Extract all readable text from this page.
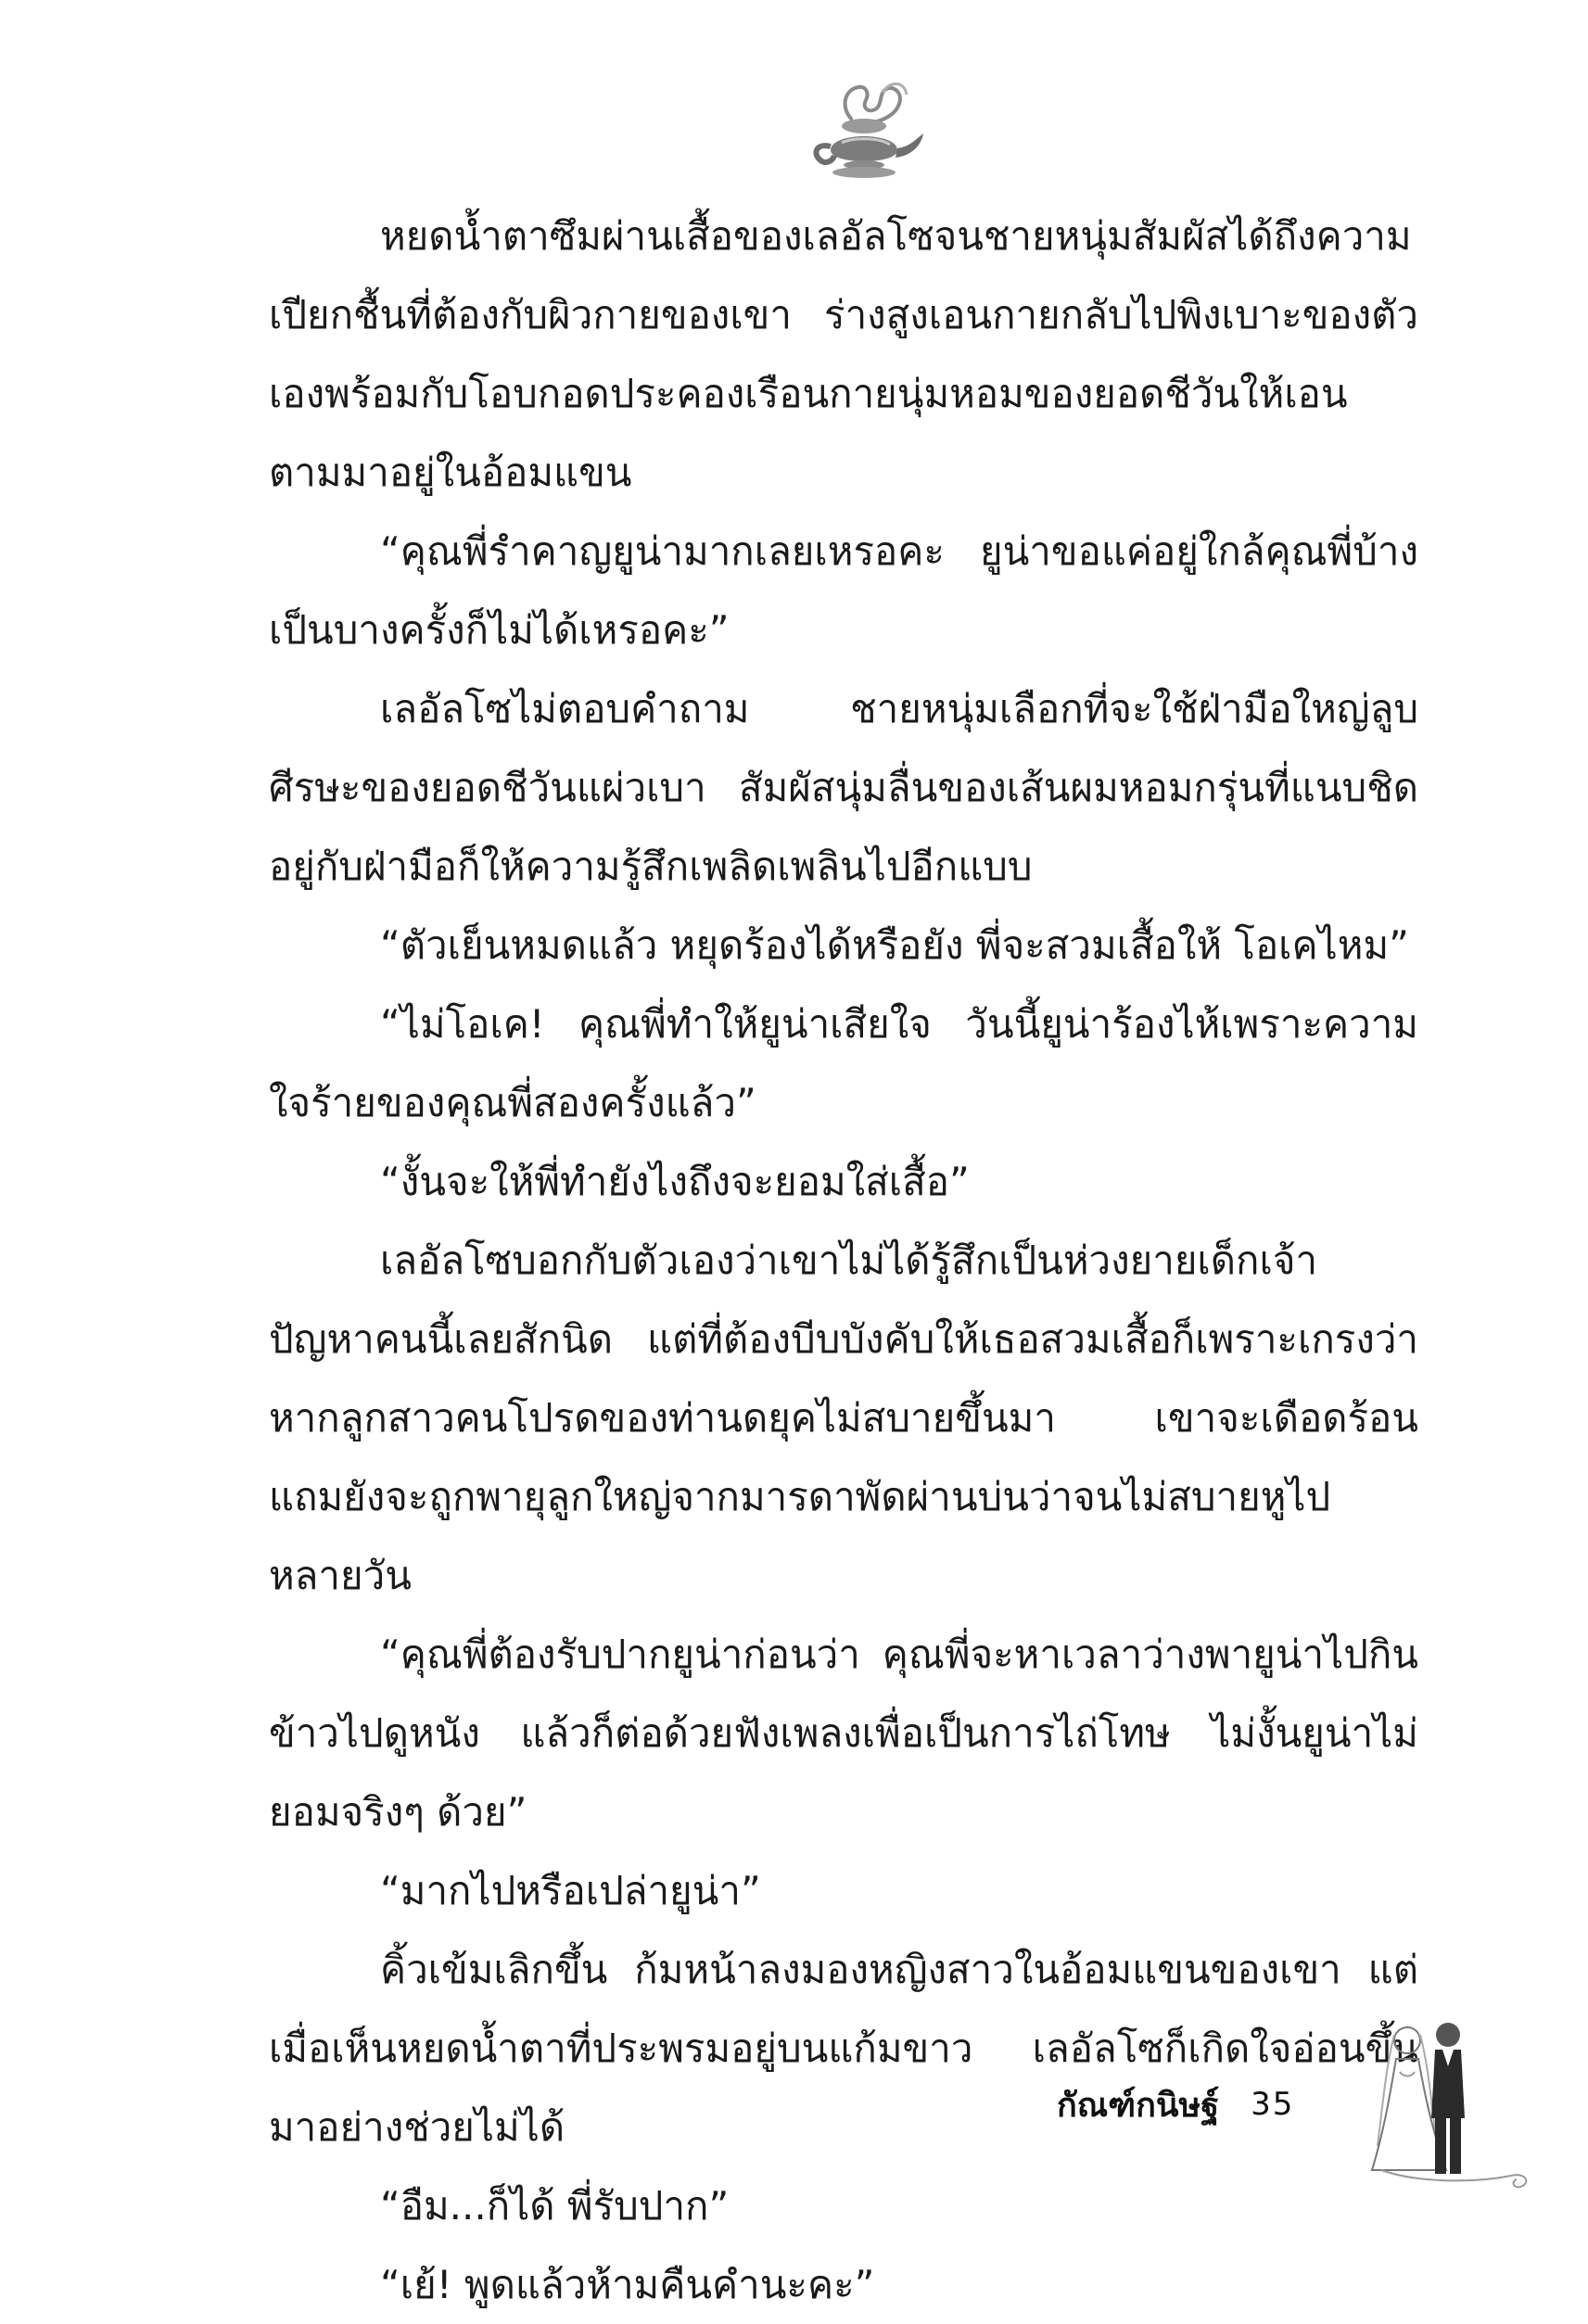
หยดน้ำตาซึมผ่านเสื้อของเลอัลโซจนชายหนุ่มสัมผัสได้ถึงความเปียกชื้นที่ต้องกับผิวกายของเขา ร่างสูงเอนกายกลับไปพิงเบาะของตัวเองพร้อมกับโอบกอดประคองเรือนกายนุ่มหอมของยอดชีวันให้เอนตามมาอยู่ในอ้อมแขน

“คุณพี่รำคาญยูน่ามากเลยเหรอคะ ยูน่าขอแค่อยู่ใกล้คุณพี่บ้างเป็นบางครั้งก็ไม่ได้เหรอคะ”

เลอัลโซไม่ตอบคำถาม ชายหนุ่มเลือกที่จะใช้ฝ่ามือใหญ่ลูบศีรษะของยอดชีวันแผ่วเบา สัมผัสนุ่มลื่นของเส้นผมหอมกรุ่นที่แนบชิดอยู่กับฝ่ามือก็ให้ความรู้สึกเพลิดเพลินไปอีกแบบ

“ตัวเย็นหมดแล้ว หยุดร้องได้หรือยัง พี่จะสวมเสื้อให้ โอเคไหม”

“ไม่โอเค! คุณพี่ทำให้ยูน่าเสียใจ วันนี้ยูน่าร้องไห้เพราะความใจร้ายของคุณพี่สองครั้งแล้ว”

“งั้นจะให้พี่ทำยังไงถึงจะยอมใส่เสื้อ”

เลอัลโซบอกกับตัวเองว่าเขาไม่ได้รู้สึกเป็นห่วงยายเด็กเจ้าปัญหาคนนี้เลยสักนิด แต่ที่ต้องบีบบังคับให้เธอสวมเสื้อก็เพราะเกรงว่าหากลูกสาวคนโปรดของท่านดยุคไม่สบายขึ้นมา เขาจะเดือดร้อน แถมยังจะถูกพายุลูกใหญ่จากมารดาพัดผ่านบ่นว่าจนไม่สบายหูไปหลายวัน

“คุณพี่ต้องรับปากยูน่าก่อนว่า คุณพี่จะหาเวลาว่างพายูน่าไปกินข้าวไปดูหนัง แล้วก็ต่อด้วยฟังเพลงเพื่อเป็นการไถ่โทษ ไม่งั้นยูน่าไม่ยอมจริงๆ ด้วย”

“มากไปหรือเปล่ายูน่า”

คิ้วเข้มเลิกขึ้น ก้มหน้าลงมองหญิงสาวในอ้อมแขนของเขา แต่เมื่อเห็นหยดน้ำตาที่ประพรมอยู่บนแก้มขาว เลอัลโซก็เกิดใจอ่อนขึ้นมาอย่างช่วยไม่ได้

“อืม...ก็ได้ พี่รับปาก”

“เย้! พูดแล้วห้ามคืนคำนะคะ”

กัณฑ์กนิษฐ์ 35
